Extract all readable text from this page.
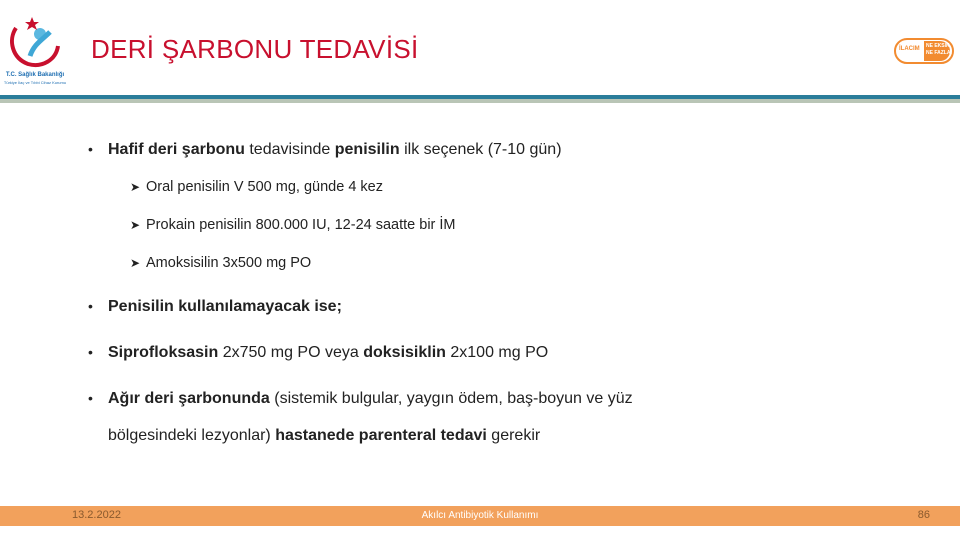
T.C. Sağlık Bakanlığı
Türkiye İlaç ve Tıbbi Cihaz Kurumu
DERİ ŞARBONU TEDAVİSİ	İLACIM NE EKSİK
NE FAZLA!
• Hafif deri şarbonu tedavisinde penisilin ilk seçenek (7-10 gün)
➤ Oral penisilin V 500 mg, günde 4 kez
➤ Prokain penisilin 800.000 IU, 12-24 saatte bir İM
➤ Amoksisilin 3x500 mg PO
• Penisilin kullanılamayacak ise;
• Siprofloksasin 2x750 mg PO veya doksisiklin 2x100 mg PO
• Ağır deri şarbonunda (sistemik bulgular, yaygın ödem, baş-boyun ve yüz
bölgesindeki lezyonlar) hastanede parenteral tedavi gerekir
13.2.2022	Akılcı Antibiyotik Kullanımı	86
